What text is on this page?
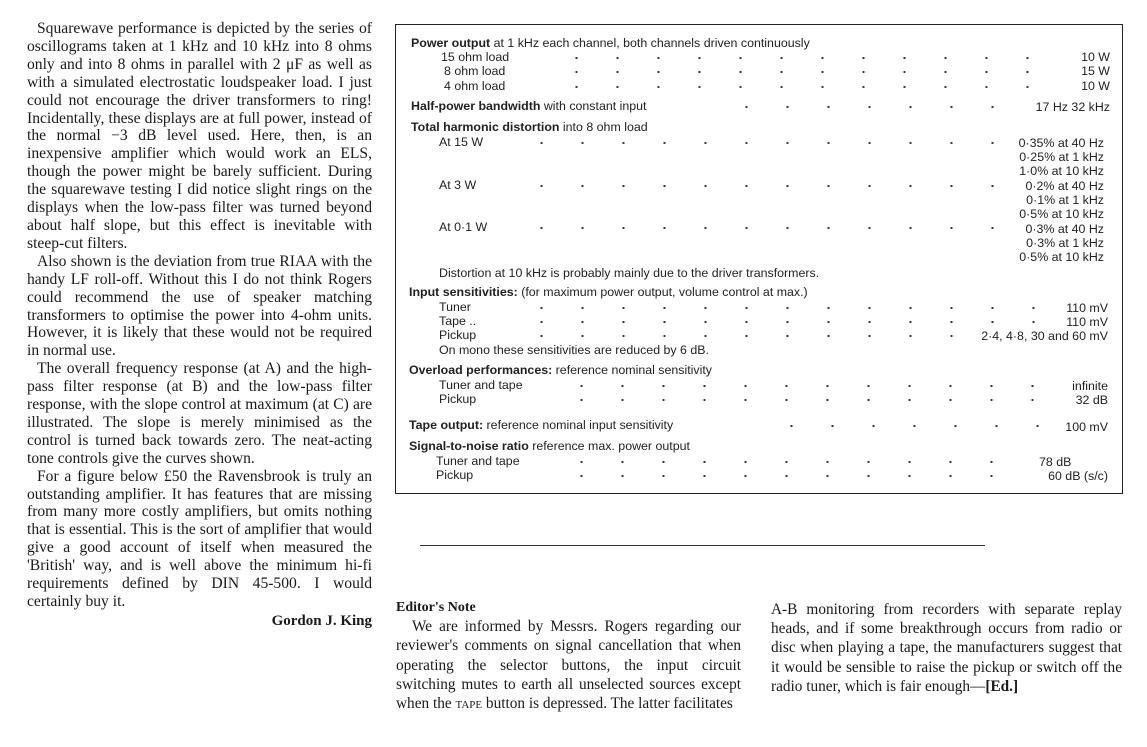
Squarewave performance is depicted by the series of oscillograms taken at 1 kHz and 10 kHz into 8 ohms only and into 8 ohms in parallel with 2 μF as well as with a simulated electrostatic loudspeaker load. I just could not encourage the driver transformers to ring! Incidentally, these displays are at full power, instead of the normal −3 dB level used. Here, then, is an inexpensive amplifier which would work an ELS, though the power might be barely sufficient. During the squarewave testing I did notice slight rings on the displays when the low-pass filter was turned beyond about half slope, but this effect is inevitable with steep-cut filters.

Also shown is the deviation from true RIAA with the handy LF roll-off. Without this I do not think Rogers could recommend the use of speaker matching transformers to optimise the power into 4-ohm units. However, it is likely that these would not be required in normal use.

The overall frequency response (at A) and the high-pass filter response (at B) and the low-pass filter response, with the slope control at maximum (at C) are illustrated. The slope is merely minimised as the control is turned back towards zero. The neat-acting tone controls give the curves shown.

For a figure below £50 the Ravensbrook is truly an outstanding amplifier. It has features that are missing from many more costly amplifiers, but omits nothing that is essential. This is the sort of amplifier that would give a good account of itself when measured the 'British' way, and is well above the minimum hi-fi requirements defined by DIN 45-500. I would certainly buy it.

Gordon J. King
Power output at 1 kHz each channel, both channels driven continuously
15 ohm load	10 W
8 ohm load	15 W
4 ohm load	10 W
Half-power bandwidth with constant input	17 Hz 32 kHz
Total harmonic distortion into 8 ohm load
At 15 W	0·35% at 40 Hz
0·25% at 1 kHz
1·0% at 10 kHz
At 3 W	0·2% at 40 Hz
0·1% at 1 kHz
0·5% at 10 kHz
At 0·1 W	0·3% at 40 Hz
0·3% at 1 kHz
0·5% at 10 kHz
Distortion at 10 kHz is probably mainly due to the driver transformers.
Input sensitivities: (for maximum power output, volume control at max.)
Tuner	110 mV
Tape ..	110 mV
Pickup	2·4, 4·8, 30 and 60 mV
On mono these sensitivities are reduced by 6 dB.
Overload performances: reference nominal sensitivity
Tuner and tape	infinite
Pickup	32 dB
Tape output: reference nominal input sensitivity	100 mV
Signal-to-noise ratio reference max. power output
Tuner and tape	78 dB
Pickup	60 dB (s/c)

Editor's Note

We are informed by Messrs. Rogers regarding our reviewer's comments on signal cancellation that when operating the selector buttons, the input circuit switching mutes to earth all unselected sources except when the tape button is depressed. The latter facilitates

A-B monitoring from recorders with separate replay heads, and if some breakthrough occurs from radio or disc when playing a tape, the manufacturers suggest that it would be sensible to raise the pickup or switch off the radio tuner, which is fair enough—[Ed.]
